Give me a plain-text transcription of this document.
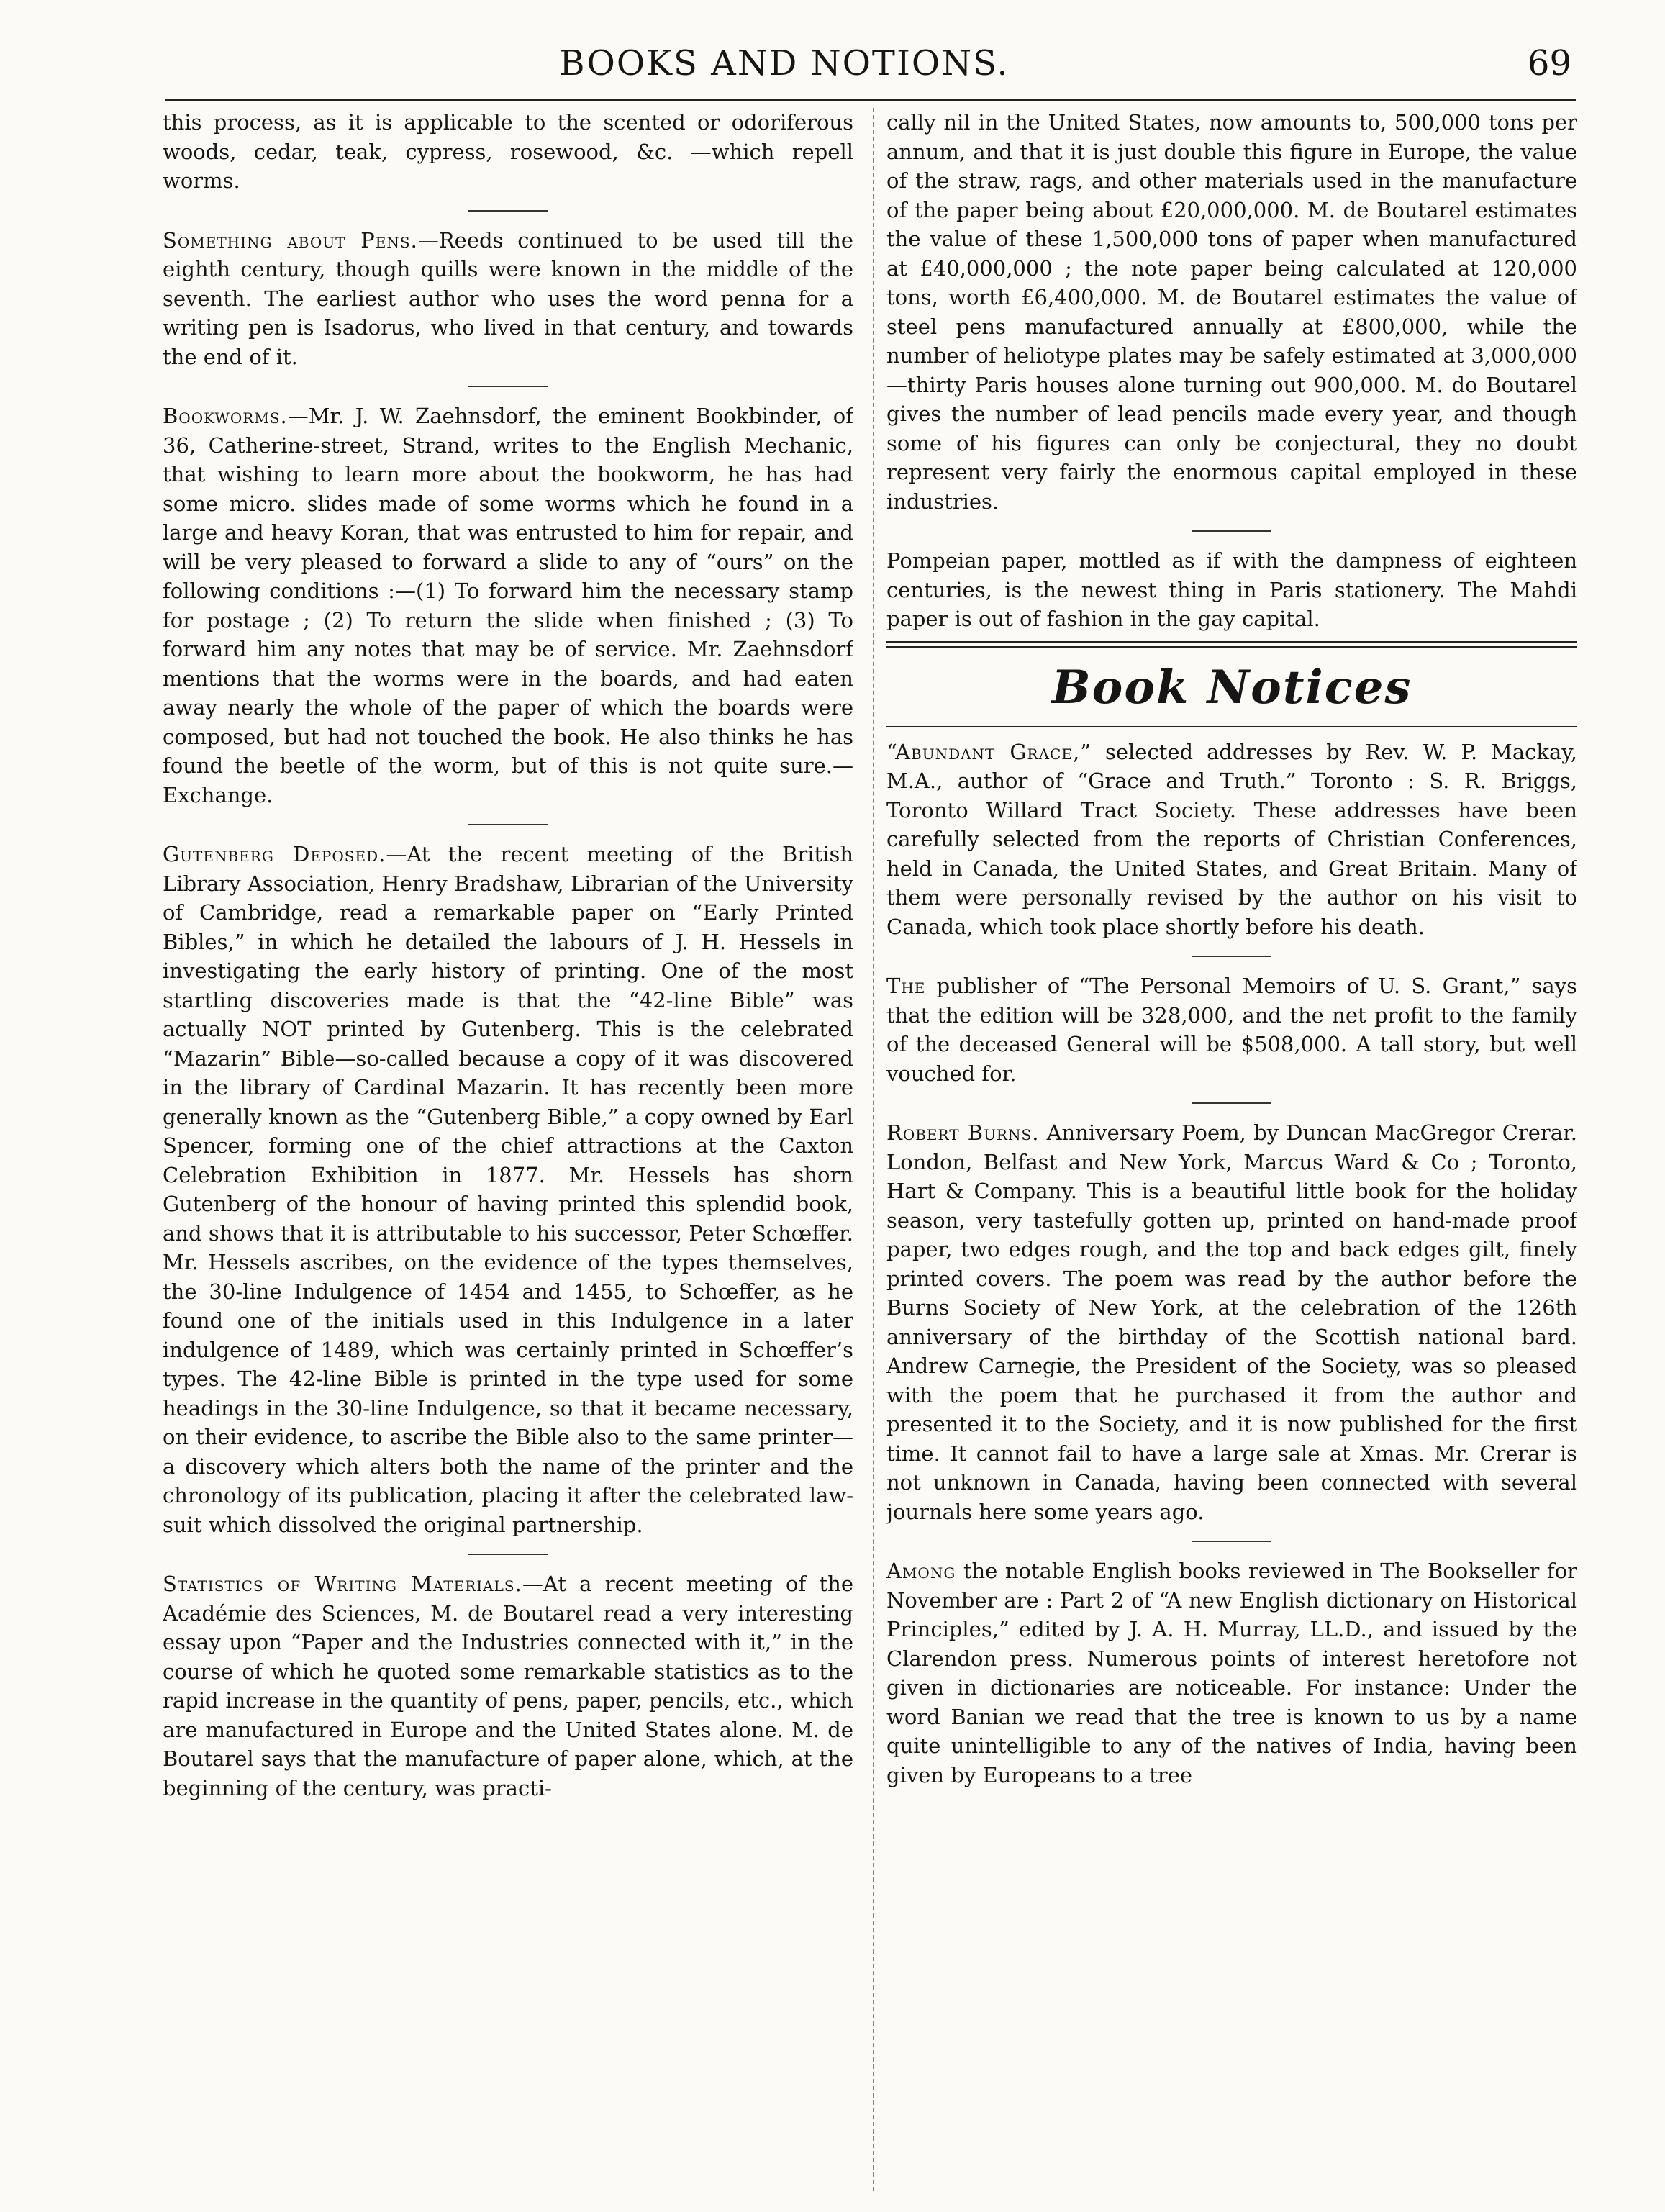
BOOKS AND NOTIONS.	69

this process, as it is applicable to the scented or odoriferous woods, cedar, teak, cypress, rosewood, &c. —which repell worms.

Something about Pens.—Reeds continued to be used till the eighth century, though quills were known in the middle of the seventh. The earliest author who uses the word penna for a writing pen is Isadorus, who lived in that century, and towards the end of it.

Bookworms.—Mr. J. W. Zaehnsdorf, the eminent Bookbinder, of 36, Catherine-street, Strand, writes to the English Mechanic, that wishing to learn more about the bookworm, he has had some micro. slides made of some worms which he found in a large and heavy Koran, that was entrusted to him for repair, and will be very pleased to forward a slide to any of “ours” on the following conditions :—(1) To forward him the necessary stamp for postage ; (2) To return the slide when finished ; (3) To forward him any notes that may be of service. Mr. Zaehnsdorf mentions that the worms were in the boards, and had eaten away nearly the whole of the paper of which the boards were composed, but had not touched the book. He also thinks he has found the beetle of the worm, but of this is not quite sure.—Exchange.

Gutenberg Deposed.—At the recent meeting of the British Library Association, Henry Bradshaw, Librarian of the University of Cambridge, read a remarkable paper on “Early Printed Bibles,” in which he detailed the labours of J. H. Hessels in investigating the early history of printing. One of the most startling discoveries made is that the “42-line Bible” was actually NOT printed by Gutenberg. This is the celebrated “Mazarin” Bible—so-called because a copy of it was discovered in the library of Cardinal Mazarin. It has recently been more generally known as the “Gutenberg Bible,” a copy owned by Earl Spencer, forming one of the chief attractions at the Caxton Celebration Exhibition in 1877. Mr. Hessels has shorn Gutenberg of the honour of having printed this splendid book, and shows that it is attributable to his successor, Peter Schœffer. Mr. Hessels ascribes, on the evidence of the types themselves, the 30-line Indulgence of 1454 and 1455, to Schœffer, as he found one of the initials used in this Indulgence in a later indulgence of 1489, which was certainly printed in Schœffer’s types. The 42-line Bible is printed in the type used for some headings in the 30-line Indulgence, so that it became necessary, on their evidence, to ascribe the Bible also to the same printer—a discovery which alters both the name of the printer and the chronology of its publication, placing it after the celebrated law-suit which dissolved the original partnership.

Statistics of Writing Materials.—At a recent meeting of the Académie des Sciences, M. de Boutarel read a very interesting essay upon “Paper and the Industries connected with it,” in the course of which he quoted some remarkable statistics as to the rapid increase in the quantity of pens, paper, pencils, etc., which are manufactured in Europe and the United States alone. M. de Boutarel says that the manufacture of paper alone, which, at the beginning of the century, was practi-

cally nil in the United States, now amounts to, 500,000 tons per annum, and that it is just double this figure in Europe, the value of the straw, rags, and other materials used in the manufacture of the paper being about £20,000,000. M. de Boutarel estimates the value of these 1,500,000 tons of paper when manufactured at £40,000,000 ; the note paper being calculated at 120,000 tons, worth £6,400,000. M. de Boutarel estimates the value of steel pens manufactured annually at £800,000, while the number of heliotype plates may be safely estimated at 3,000,000 —thirty Paris houses alone turning out 900,000. M. do Boutarel gives the number of lead pencils made every year, and though some of his figures can only be conjectural, they no doubt represent very fairly the enormous capital employed in these industries.

Pompeian paper, mottled as if with the dampness of eighteen centuries, is the newest thing in Paris stationery. The Mahdi paper is out of fashion in the gay capital.

Book Notices

“Abundant Grace,” selected addresses by Rev. W. P. Mackay, M.A., author of “Grace and Truth.” Toronto : S. R. Briggs, Toronto Willard Tract Society. These addresses have been carefully selected from the reports of Christian Conferences, held in Canada, the United States, and Great Britain. Many of them were personally revised by the author on his visit to Canada, which took place shortly before his death.

The publisher of “The Personal Memoirs of U. S. Grant,” says that the edition will be 328,000, and the net profit to the family of the deceased General will be $508,000. A tall story, but well vouched for.

Robert Burns. Anniversary Poem, by Duncan MacGregor Crerar. London, Belfast and New York, Marcus Ward & Co ; Toronto, Hart & Company. This is a beautiful little book for the holiday season, very tastefully gotten up, printed on hand-made proof paper, two edges rough, and the top and back edges gilt, finely printed covers. The poem was read by the author before the Burns Society of New York, at the celebration of the 126th anniversary of the birthday of the Scottish national bard. Andrew Carnegie, the President of the Society, was so pleased with the poem that he purchased it from the author and presented it to the Society, and it is now published for the first time. It cannot fail to have a large sale at Xmas. Mr. Crerar is not unknown in Canada, having been connected with several journals here some years ago.

Among the notable English books reviewed in The Bookseller for November are : Part 2 of “A new English dictionary on Historical Principles,” edited by J. A. H. Murray, LL.D., and issued by the Clarendon press. Numerous points of interest heretofore not given in dictionaries are noticeable. For instance: Under the word Banian we read that the tree is known to us by a name quite unintelligible to any of the natives of India, having been given by Europeans to a tree
